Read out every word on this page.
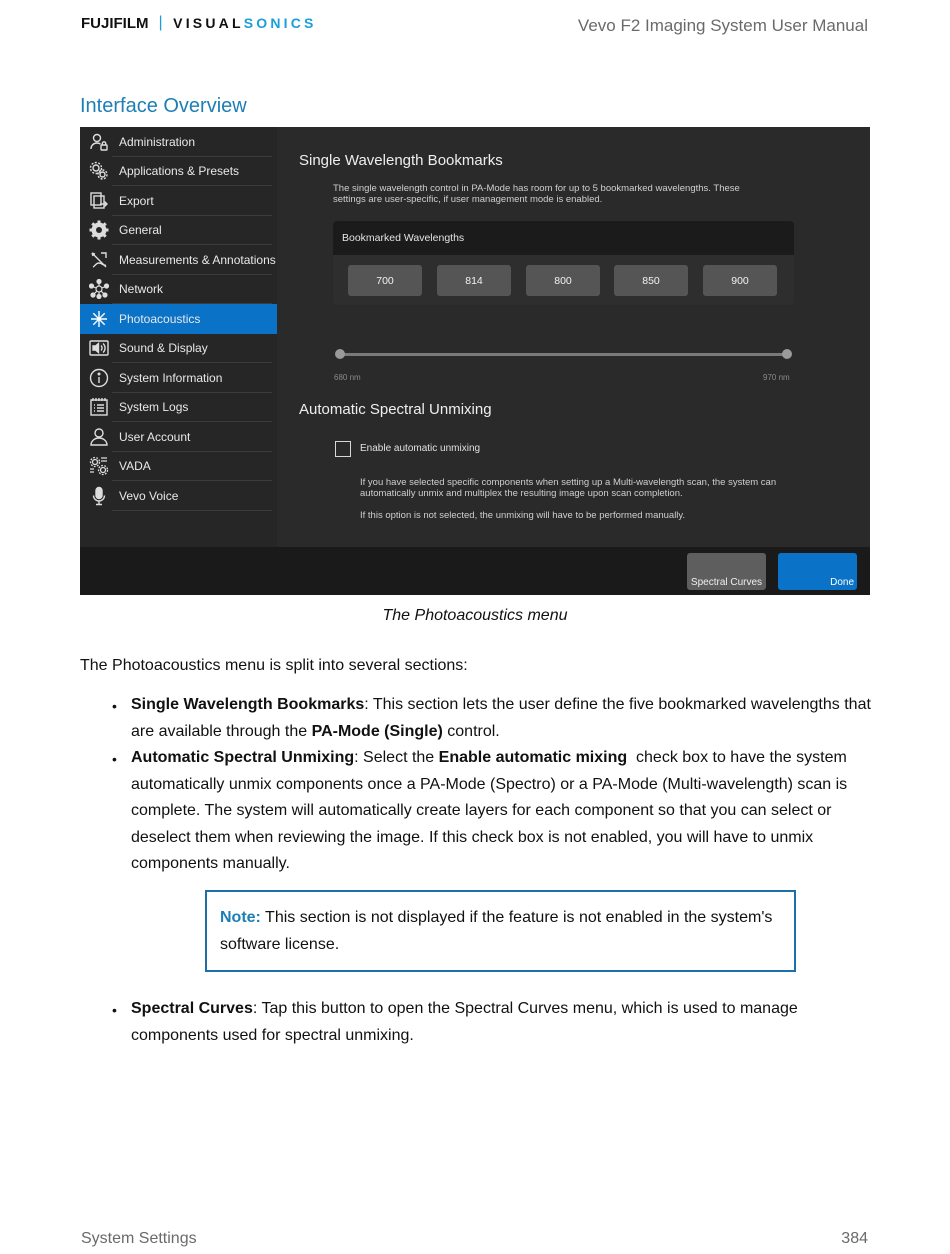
FUJIFILM | VISUAL SONICS	Vevo F2 Imaging System User Manual
Interface Overview
Administration
Applications & Presets
Export
General
Measurements & Annotations
Network
Photoacoustics
Sound & Display
System Information
System Logs
User Account
VADA
Vevo Voice
Single Wavelength Bookmarks
The single wavelength control in PA-Mode has room for up to 5 bookmarked wavelengths. These
settings are user-specific, if user management mode is enabled.
Bookmarked Wavelengths
700	814	800	850	900
680 nm	970 nm
Automatic Spectral Unmixing
Enable automatic unmixing
If you have selected specific components when setting up a Multi-wavelength scan, the system can
automatically unmix and multiplex the resulting image upon scan completion.
If this option is not selected, the unmixing will have to be performed manually.
Spectral Curves	Done
The Photoacoustics menu
The Photoacoustics menu is split into several sections:
• Single Wavelength Bookmarks: This section lets the user define the five bookmarked wavelengths that are available through the PA-Mode (Single) control.
• Automatic Spectral Unmixing: Select the Enable automatic mixing  check box to have the system automatically unmix components once a PA-Mode (Spectro) or a PA-Mode (Multi-wavelength) scan is complete. The system will automatically create layers for each component so that you can select or deselect them when reviewing the image. If this check box is not enabled, you will have to unmix components manually.
Note: This section is not displayed if the feature is not enabled in the system's software license.
• Spectral Curves: Tap this button to open the Spectral Curves menu, which is used to manage components used for spectral unmixing.
System Settings	384
